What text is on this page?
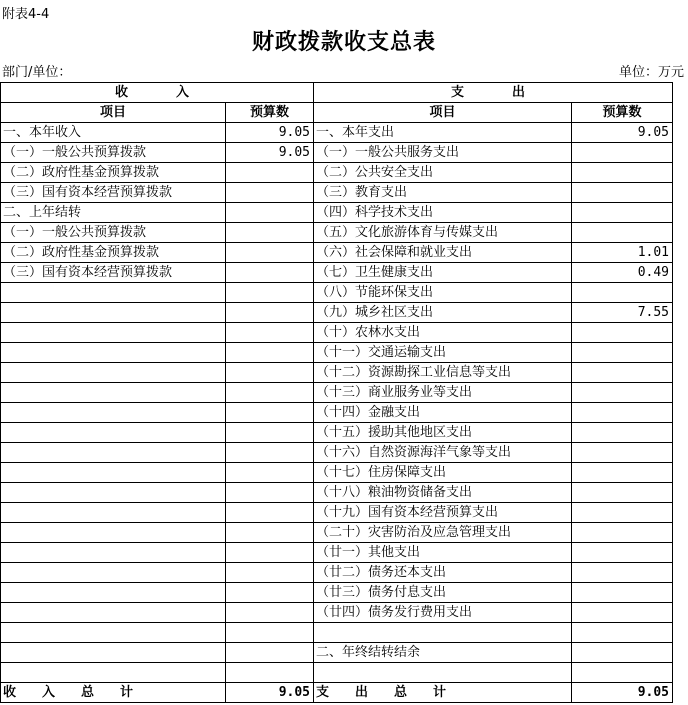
附表4-4
财政拨款收支总表
部门/单位：	单位：万元
收入		支出	
项目	预算数	项目	预算数
一、本年收入	9.05	一、本年支出	9.05
（一）一般公共预算拨款	9.05	（一）一般公共服务支出	
（二）政府性基金预算拨款		（二）公共安全支出	
（三）国有资本经营预算拨款		（三）教育支出	
二、上年结转		（四）科学技术支出	
（一）一般公共预算拨款		（五）文化旅游体育与传媒支出	
（二）政府性基金预算拨款		（六）社会保障和就业支出	1.01
（三）国有资本经营预算拨款		（七）卫生健康支出	0.49
		（八）节能环保支出	
		（九）城乡社区支出	7.55
		（十）农林水支出	
		（十一）交通运输支出	
		（十二）资源勘探工业信息等支出	
		（十三）商业服务业等支出	
		（十四）金融支出	
		（十五）援助其他地区支出	
		（十六）自然资源海洋气象等支出	
		（十七）住房保障支出	
		（十八）粮油物资储备支出	
		（十九）国有资本经营预算支出	
		（二十）灾害防治及应急管理支出	
		（廿一）其他支出	
		（廿二）债务还本支出	
		（廿三）债务付息支出	
		（廿四）债务发行费用支出	

		二、年终结转结余	

收入总计	9.05	支出总计	9.05
